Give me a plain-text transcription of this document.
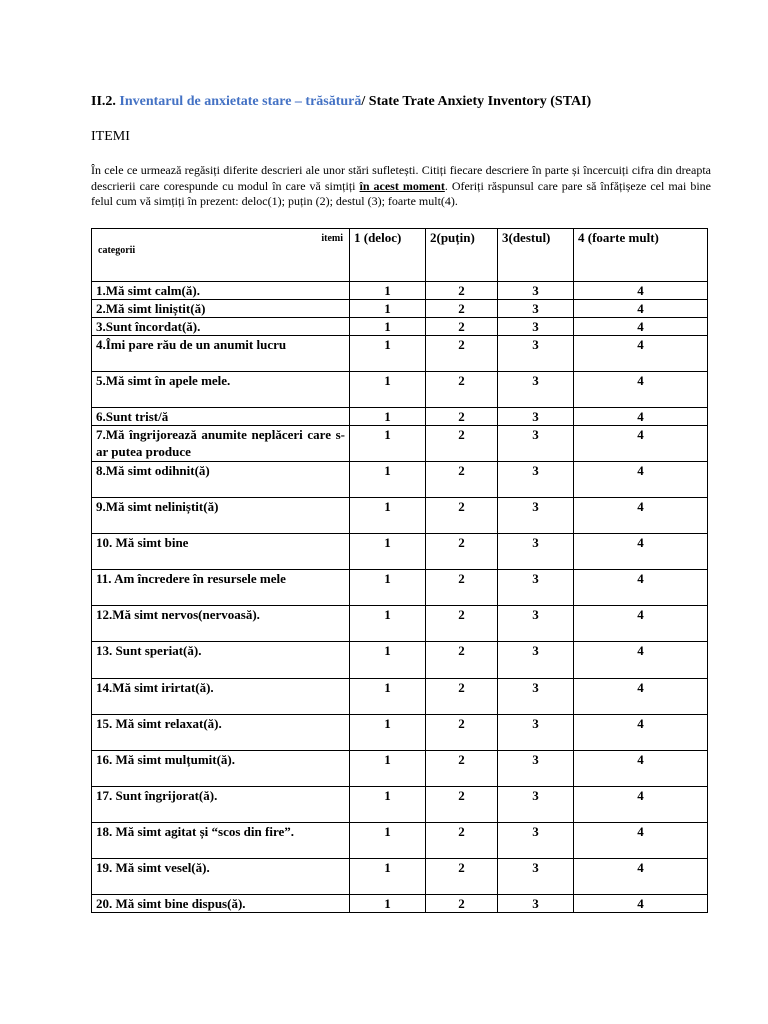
II.2. Inventarul de anxietate stare – trăsătură/ State Trate Anxiety Inventory (STAI)
ITEMI
În cele ce urmează regăsiți diferite descrieri ale unor stări sufletești. Citiți fiecare descriere în parte și încercuiți cifra din dreapta descrierii care corespunde cu modul în care vă simțiți în acest moment. Oferiți răspunsul care pare să înfățișeze cel mai bine felul cum vă simțiți în prezent: deloc(1); puțin (2); destul (3); foarte mult(4).
itemi
categorii	1 (deloc)	2(puțin)	3(destul)	4 (foarte mult)
1.Mă simt calm(ă).	1	2	3	4
2.Mă simt liniștit(ă)	1	2	3	4
3.Sunt încordat(ă).	1	2	3	4
4.Îmi pare rău de un anumit lucru	1	2	3	4
5.Mă simt în apele mele.	1	2	3	4
6.Sunt trist/ă	1	2	3	4
7.Mă îngrijorează anumite neplăceri care s-ar putea produce	1	2	3	4
8.Mă simt odihnit(ă)	1	2	3	4
9.Mă simt neliniștit(ă)	1	2	3	4
10. Mă simt bine	1	2	3	4
11. Am încredere în resursele mele	1	2	3	4
12.Mă simt nervos(nervoasă).	1	2	3	4
13. Sunt speriat(ă).	1	2	3	4
14.Mă simt irirtat(ă).	1	2	3	4
15. Mă simt relaxat(ă).	1	2	3	4
16. Mă simt mulțumit(ă).	1	2	3	4
17. Sunt îngrijorat(ă).	1	2	3	4
18. Mă simt agitat și “scos din fire”.	1	2	3	4
19. Mă simt vesel(ă).	1	2	3	4
20. Mă simt bine dispus(ă).	1	2	3	4
